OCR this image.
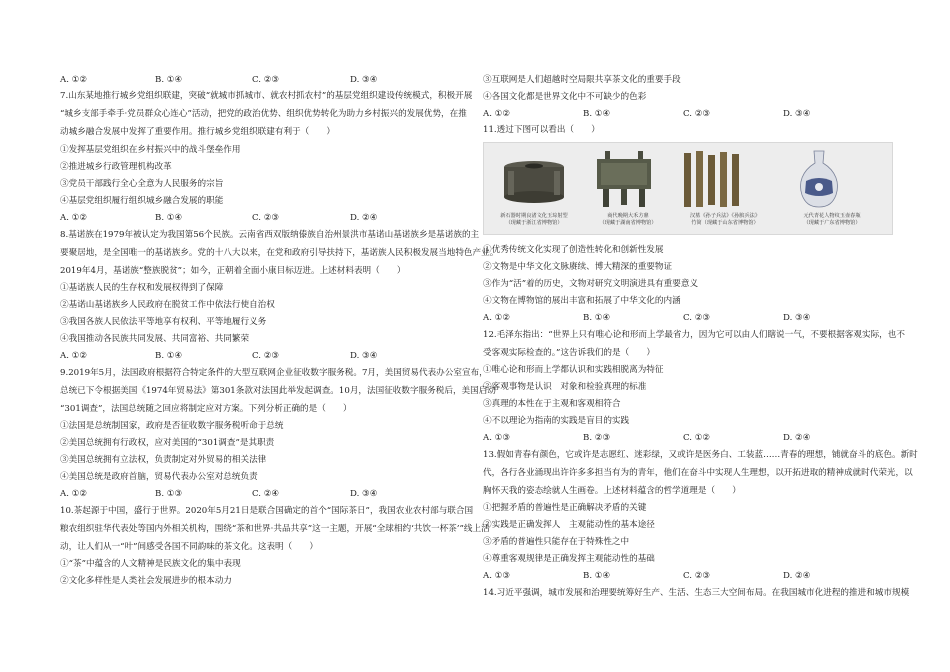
A. ①②	B. ①④	C. ②③	D. ③④
7.山东某地推行城乡党组织联建，突破“就城市抓城市、就农村抓农村”的基层党组织建设传统模式，积极开展
“城乡支部手牵手·党员群众心连心”活动，把党的政治优势、组织优势转化为助力乡村振兴的发展优势，在推
动城乡融合发展中发挥了重要作用。推行城乡党组织联建有利于（　　）
①发挥基层党组织在乡村振兴中的战斗堡垒作用
②推进城乡行政管理机构改革
③党员干部践行全心全意为人民服务的宗旨
④基层党组织履行组织城乡融合发展的职能
A. ①②	B. ①④	C. ②③	D. ②④
8.基诺族在1979年被认定为我国第56个民族。云南省西双版纳傣族自治州景洪市基诺山基诺族乡是基诺族的主
要聚居地，是全国唯一的基诺族乡。党的十八大以来，在党和政府引导扶持下，基诺族人民积极发展当地特色产业。
2019年4月，基诺族“整族脱贫”；如今，正朝着全面小康目标迈进。上述材料表明（　　）
①基诺族人民的生存权和发展权得到了保障
②基诺山基诺族乡人民政府在脱贫工作中依法行使自治权
③我国各族人民依法平等地享有权利、平等地履行义务
④我国推动各民族共同发展、共同富裕、共同繁荣
A. ①②	B. ①④	C. ②③	D. ③④
9.2019年5月，法国政府根据符合特定条件的大型互联网企业征收数字服务税。7月，美国贸易代表办公室宣布，
总统已下令根据美国《1974年贸易法》第301条款对法国此举发起调查。10月，法国征收数字服务税后，美国启动
“301调查”，法国总统随之回应将制定应对方案。下列分析正确的是（　　）
①法国是总统制国家，政府是否征收数字服务税听命于总统
②美国总统拥有行政权，应对美国的“301调查”是其职责
③美国总统拥有立法权，负责制定对外贸易的相关法律
④美国总统是政府首脑，贸易代表办公室对总统负责
A. ①②	B. ①③	C. ②④	D. ③④
10.茶起源于中国，盛行于世界。2020年5月21日是联合国确定的首个“国际茶日”，我国农业农村部与联合国
粮农组织驻华代表处等国内外相关机构，围绕“茶和世界·共品共享”这一主题，开展“全球相约‘共饮一杯茶’”线上活
动，让人们从一“叶”间感受各国不同韵味的茶文化。这表明（　　）
①“茶”中蕴含的人文精神是民族文化的集中表现
②文化多样性是人类社会发展进步的根本动力
③互联网是人们超越时空局限共享茶文化的重要手段
④各国文化都是世界文化中不可缺少的色彩
A. ①②	B. ①④	C. ②③	D. ③④
11.透过下图可以看出（　　）
新石器时期良渚文化玉琮射型
（现藏于浙江省博物馆）
商代晚期大禾方鼎
（现藏于湖南省博物馆）
汉墓《孙子兵法》《孙膑兵法》
竹简（现藏于山东省博物馆）
元代青花人物纹玉壶春瓶
（现藏于广东省博物馆）
①优秀传统文化实现了创造性转化和创新性发展
②文物是中华文化文脉赓续、博大精深的重要物证
③作为“活”着的历史，文物对研究文明演进具有重要意义
④文物在博物馆的展出丰富和拓展了中华文化的内涵
A. ①②	B. ①④	C. ②③	D. ③④
12.毛泽东指出：“世界上只有唯心论和形而上学最省力，因为它可以由人们瞎说一气，不要根据客观实际，也不
受客观实际检查的。”这告诉我们的是（　　）
①唯心论和形而上学都认识和实践相脱离为特征
②客观事物是认识　对象和检验真理的标准
③真理的本性在于主观和客观相符合
④不以理论为指南的实践是盲目的实践
A. ①③	B. ②③	C. ①②	D. ②④
13.假如青春有颜色，它或许是志愿红、迷彩绿，又或许是医务白、工装蓝……青春的理想，铺就奋斗的底色。新时
代，各行各业涌现出许许多多担当有为的青年，他们在奋斗中实现人生理想，以开拓进取的精神成就时代荣光，以
胸怀天我的姿态绘就人生画卷。上述材料蕴含的哲学道理是（　　）
①把握矛盾的普遍性是正确解决矛盾的关键
②实践是正确发挥人　主观能动性的基本途径
③矛盾的普遍性只能存在于特殊性之中
④尊重客观规律是正确发挥主观能动性的基础
A. ①③	B. ①④	C. ②③	D. ②④
14.习近平强调，城市发展和治理要统筹好生产、生活、生态三大空间布局。在我国城市化进程的推进和城市规模
